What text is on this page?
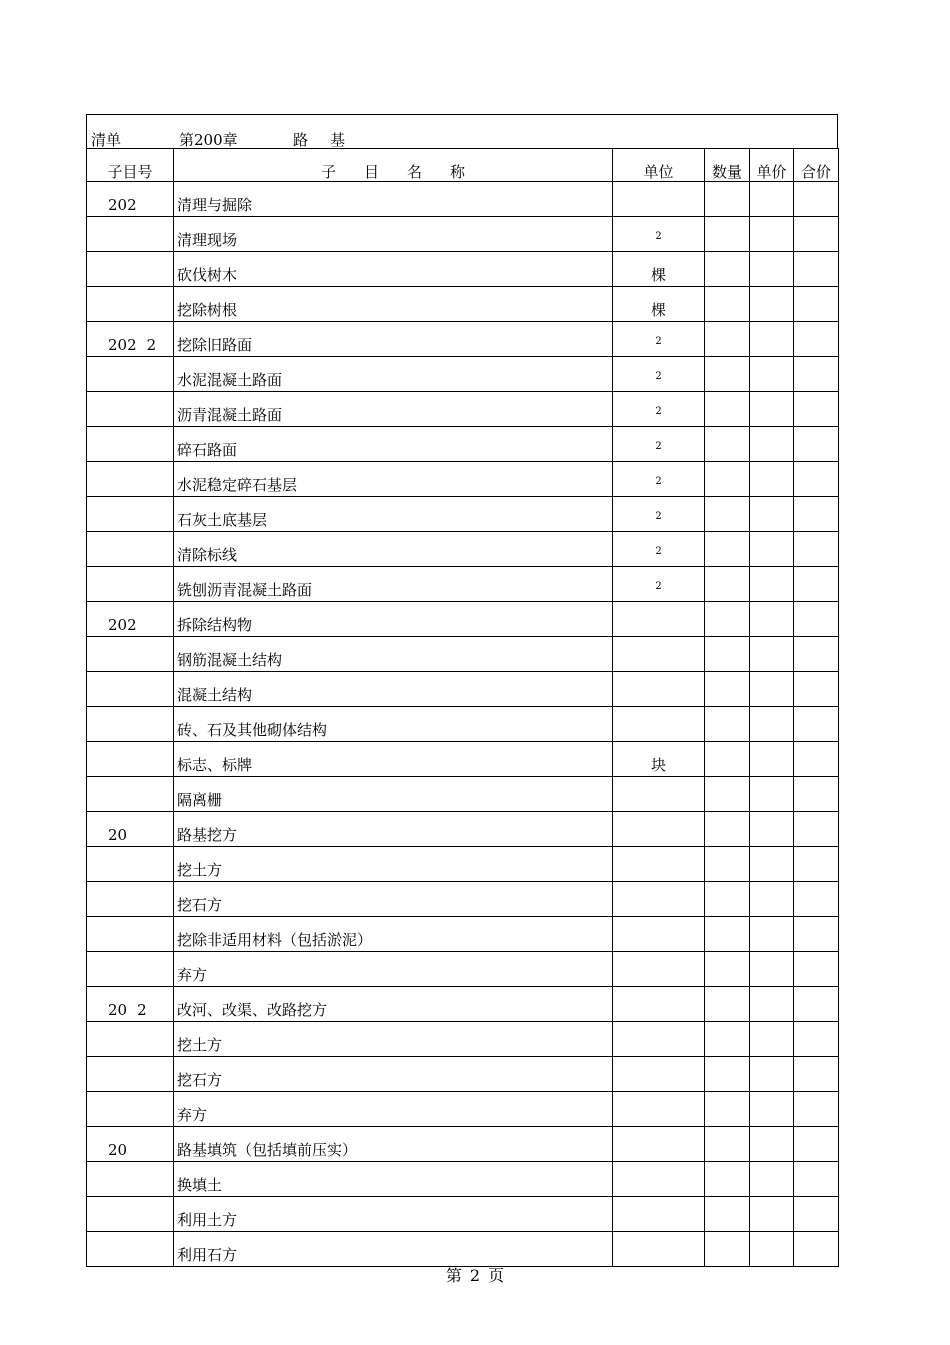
清单	第200章	路 基
子目号	子 目 名 称	单位	数量	单价	合价
202	清理与掘除				
	清理现场	$^2$			
	砍伐树木	棵			
	挖除树根	棵			
202 2	挖除旧路面	$^2$			
	水泥混凝土路面	$^2$			
	沥青混凝土路面	$^2$			
	碎石路面	$^2$			
	水泥稳定碎石基层	$^2$			
	石灰土底基层	$^2$			
	清除标线	$^2$			
	铣刨沥青混凝土路面	$^2$			
202	拆除结构物				
	钢筋混凝土结构				
	混凝土结构				
	砖、石及其他砌体结构				
	标志、标牌	块			
	隔离栅				
20	路基挖方				
	挖土方				
	挖石方				
	挖除非适用材料（包括淤泥）				
	弃方				
20 2	改河、改渠、改路挖方				
	挖土方				
	挖石方				
	弃方				
20	路基填筑（包括填前压实）				
	换填土				
	利用土方				
	利用石方				
第 2 页
